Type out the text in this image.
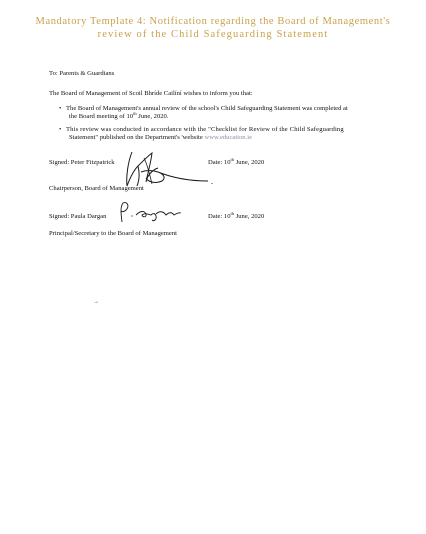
Mandatory Template 4: Notification regarding the Board of Management's
review of the Child Safeguarding Statement
To: Parents & Guardians
The Board of Management of Scoil Bhríde Cailíní wishes to inform you that:
• The Board of Management's annual review of the school's Child Safeguarding Statement was completed at
the Board meeting of 10th June, 2020.
• This review was conducted in accordance with the "Checklist for Review of the Child Safeguarding
Statement" published on the Department's 'website www.education.ie
Signed: Peter Fitzpatrick	Date: 10th June, 2020
-
Chairperson, Board of Management
Signed: Paula Dargan	Date: 10th June, 2020
Principal/Secretary to the Board of Management
→
